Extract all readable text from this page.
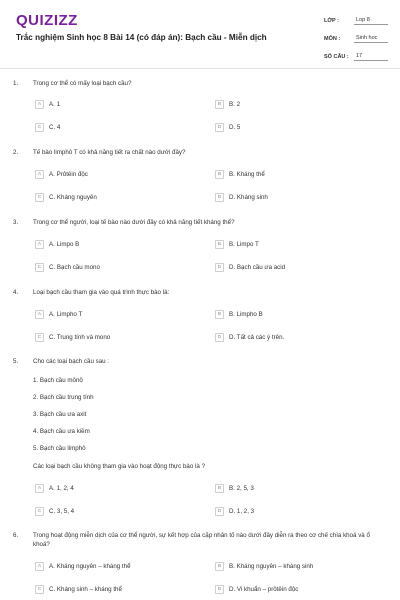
QUIZIZZ
Trắc nghiệm Sinh học 8 Bài 14 (có đáp án): Bạch cầu - Miễn dịch
LỚP :	Lop 8
MÔN :	Sinh hoc
SỐ CÂU :	17
1. Trong cơ thể có mấy loại bạch cầu?
A	A. 1	B	B. 2
C	C. 4	D	D. 5
2. Tế bào limphô T có khả năng tiết ra chất nào dưới đây?
A	A. Prôtêin độc	B	B. Kháng thể
C	C. Kháng nguyên	D	D. Kháng sinh
3. Trong cơ thể người, loại tế bào nào dưới đây có khả năng tiết kháng thể?
A	A. Limpo B	B	B. Limpo T
C	C. Bạch cầu mono	D	D. Bạch cầu ưa acid
4. Loại bạch cầu tham gia vào quá trình thực bào là:
A	A. Limpho T	B	B. Limpho B
C	C. Trung tính và mono	D	D. Tất cả các ý trên.
5. Cho các loại bạch cầu sau :
1. Bạch cầu mônô
2. Bạch cầu trung tính
3. Bạch cầu ưa axit
4. Bạch cầu ưa kiềm
5. Bạch cầu limphô
Các loại bạch cầu không tham gia vào hoạt động thực bào là ?
A	A. 1, 2, 4	B	B. 2, 5, 3
C	C. 3, 5, 4	D	D. 1, 2, 3
6. Trong hoạt động miễn dịch của cơ thể người, sự kết hợp của cặp nhân tố nào dưới đây diễn ra theo cơ chế chìa khoá và ổ khoá?
A	A. Kháng nguyên – kháng thể	B	B. Kháng nguyên – kháng sinh
C	C. Kháng sinh – kháng thể	D	D. Vi khuẩn – prôtêin độc
